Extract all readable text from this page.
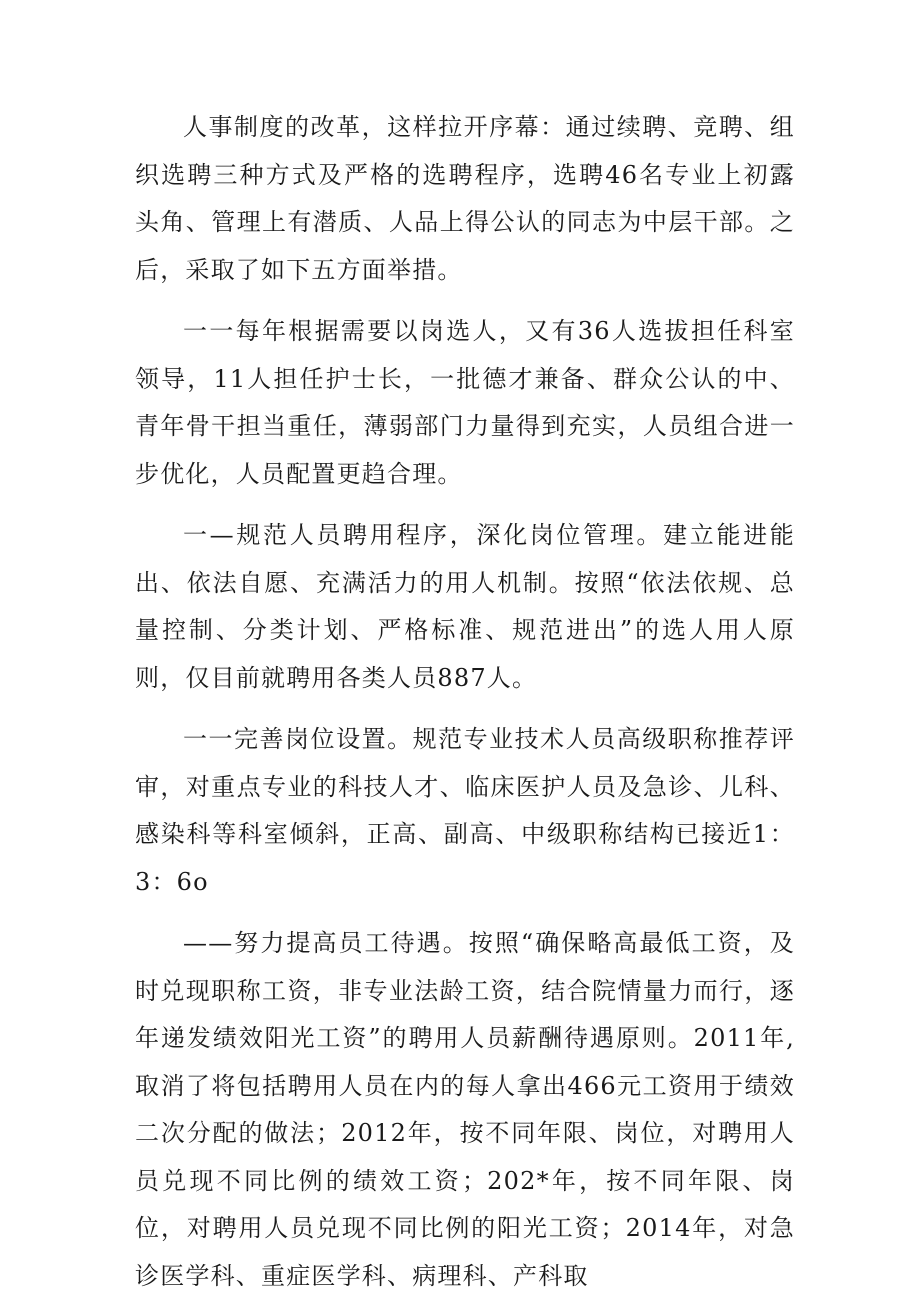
人事制度的改革，这样拉开序幕：通过续聘、竞聘、组织选聘三种方式及严格的选聘程序，选聘46名专业上初露头角、管理上有潜质、人品上得公认的同志为中层干部。之后，采取了如下五方面举措。

一一每年根据需要以岗选人，又有36人选拔担任科室领导，11人担任护士长，一批德才兼备、群众公认的中、青年骨干担当重任，薄弱部门力量得到充实，人员组合进一步优化，人员配置更趋合理。

一—规范人员聘用程序，深化岗位管理。建立能进能出、依法自愿、充满活力的用人机制。按照“依法依规、总量控制、分类计划、严格标准、规范进出”的选人用人原则，仅目前就聘用各类人员887人。

一一完善岗位设置。规范专业技术人员高级职称推荐评审，对重点专业的科技人才、临床医护人员及急诊、儿科、感染科等科室倾斜，正高、副高、中级职称结构已接近1：3：6o

——努力提高员工待遇。按照“确保略高最低工资，及时兑现职称工资，非专业法龄工资，结合院情量力而行，逐年递发绩效阳光工资”的聘用人员薪酬待遇原则。2011年,取消了将包括聘用人员在内的每人拿出466元工资用于绩效二次分配的做法；2012年，按不同年限、岗位，对聘用人员兑现不同比例的绩效工资；202*年，按不同年限、岗位，对聘用人员兑现不同比例的阳光工资；2014年，对急诊医学科、重症医学科、病理科、产科取
